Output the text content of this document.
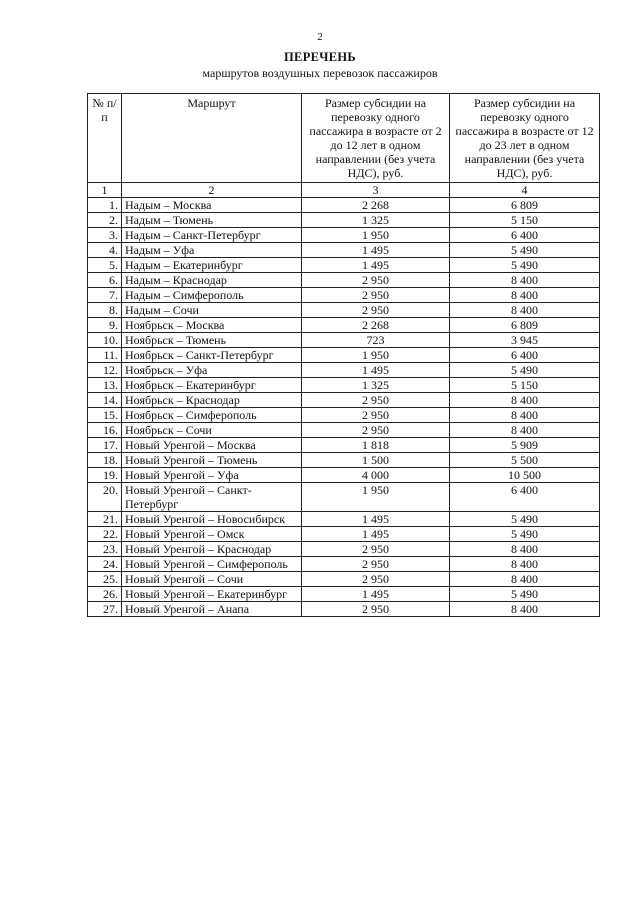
2
ПЕРЕЧЕНЬ
маршрутов воздушных перевозок пассажиров
№ п/п	Маршрут	Размер субсидии на перевозку одного пассажира в возрасте от 2 до 12 лет в одном направлении (без учета НДС), руб.	Размер субсидии на перевозку одного пассажира в возрасте от 12 до 23 лет в одном направлении (без учета НДС), руб.
1	2	3	4
1.	Надым – Москва	2 268	6 809
2.	Надым – Тюмень	1 325	5 150
3.	Надым – Санкт-Петербург	1 950	6 400
4.	Надым – Уфа	1 495	5 490
5.	Надым – Екатеринбург	1 495	5 490
6.	Надым – Краснодар	2 950	8 400
7.	Надым – Симферополь	2 950	8 400
8.	Надым – Сочи	2 950	8 400
9.	Ноябрьск – Москва	2 268	6 809
10.	Ноябрьск – Тюмень	723	3 945
11.	Ноябрьск – Санкт-Петербург	1 950	6 400
12.	Ноябрьск – Уфа	1 495	5 490
13.	Ноябрьск – Екатеринбург	1 325	5 150
14.	Ноябрьск – Краснодар	2 950	8 400
15.	Ноябрьск – Симферополь	2 950	8 400
16.	Ноябрьск – Сочи	2 950	8 400
17.	Новый Уренгой – Москва	1 818	5 909
18.	Новый Уренгой – Тюмень	1 500	5 500
19.	Новый Уренгой – Уфа	4 000	10 500
20.	Новый Уренгой – Санкт-Петербург	1 950	6 400
21.	Новый Уренгой – Новосибирск	1 495	5 490
22.	Новый Уренгой – Омск	1 495	5 490
23.	Новый Уренгой – Краснодар	2 950	8 400
24.	Новый Уренгой – Симферополь	2 950	8 400
25.	Новый Уренгой – Сочи	2 950	8 400
26.	Новый Уренгой – Екатеринбург	1 495	5 490
27.	Новый Уренгой – Анапа	2 950	8 400
